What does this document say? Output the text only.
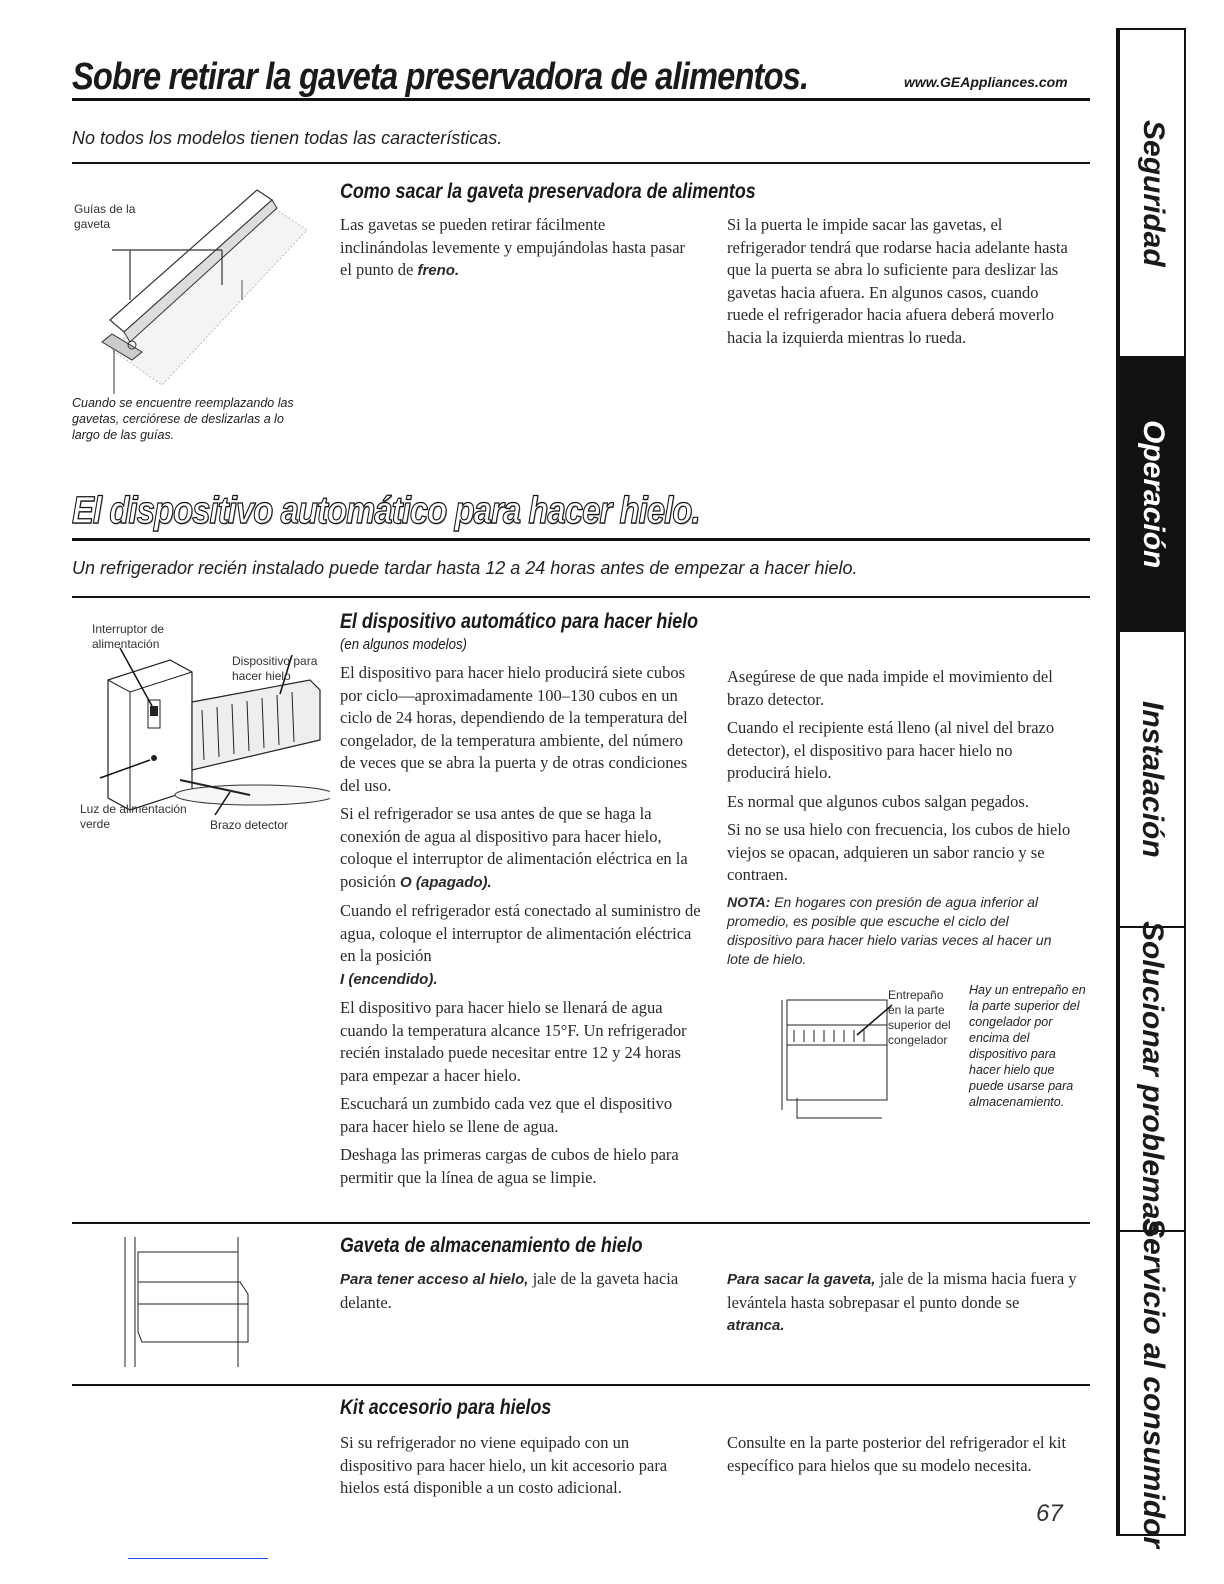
Sobre retirar la gaveta preservadora de alimentos.	www.GEAppliances.com
No todos los modelos tienen todas las características.	Seguridad
Operación
Instalación
Solucionar problemas
Servicio al consumidor
Guías de la gaveta
Cuando se encuentre reemplazando las gavetas, cerciórese de deslizarlas a lo largo de las guías.
Como sacar la gaveta preservadora de alimentos
Las gavetas se pueden retirar fácilmente inclinándolas levemente y empujándolas hasta pasar el punto de freno.
Si la puerta le impide sacar las gavetas, el refrigerador tendrá que rodarse hacia adelante hasta que la puerta se abra lo suficiente para deslizar las gavetas hacia afuera. En algunos casos, cuando ruede el refrigerador hacia afuera deberá moverlo hacia la izquierda mientras lo rueda.
El dispositivo automático para hacer hielo.
Un refrigerador recién instalado puede tardar hasta 12 a 24 horas antes de empezar a hacer hielo.
Interruptor de alimentación
Dispositivo para hacer hielo
Luz de alimentación verde	Brazo detector
El dispositivo automático para hacer hielo
(en algunos modelos)

El dispositivo para hacer hielo producirá siete cubos por ciclo—aproximadamente 100–130 cubos en un ciclo de 24 horas, dependiendo de la temperatura del congelador, de la temperatura ambiente, del número de veces que se abra la puerta y de otras condiciones del uso.

Si el refrigerador se usa antes de que se haga la conexión de agua al dispositivo para hacer hielo, coloque el interruptor de alimentación eléctrica en la posición O (apagado).

Cuando el refrigerador está conectado al suministro de agua, coloque el interruptor de alimentación eléctrica en la posición
I (encendido).

El dispositivo para hacer hielo se llenará de agua cuando la temperatura alcance 15°F. Un refrigerador recién instalado puede necesitar entre 12 y 24 horas para empezar a hacer hielo.

Escuchará un zumbido cada vez que el dispositivo para hacer hielo se llene de agua.

Deshaga las primeras cargas de cubos de hielo para permitir que la línea de agua se limpie.

Asegúrese de que nada impide el movimiento del brazo detector.

Cuando el recipiente está lleno (al nivel del brazo detector), el dispositivo para hacer hielo no producirá hielo.

Es normal que algunos cubos salgan pegados.

Si no se usa hielo con frecuencia, los cubos de hielo viejos se opacan, adquieren un sabor rancio y se contraen.

NOTA: En hogares con presión de agua inferior al promedio, es posible que escuche el ciclo del dispositivo para hacer hielo varias veces al hacer un lote de hielo.

Entrepaño en la parte superior del congelador
Hay un entrepaño en la parte superior del congelador por encima del dispositivo para hacer hielo que puede usarse para almacenamiento.
Gaveta de almacenamiento de hielo
Para tener acceso al hielo, jale de la gaveta hacia delante.
Para sacar la gaveta, jale de la misma hacia fuera y levántela hasta sobrepasar el punto donde se atranca.
Kit accesorio para hielos
Si su refrigerador no viene equipado con un dispositivo para hacer hielo, un kit accesorio para hielos está disponible a un costo adicional.
Consulte en la parte posterior del refrigerador el kit específico para hielos que su modelo necesita.
67
